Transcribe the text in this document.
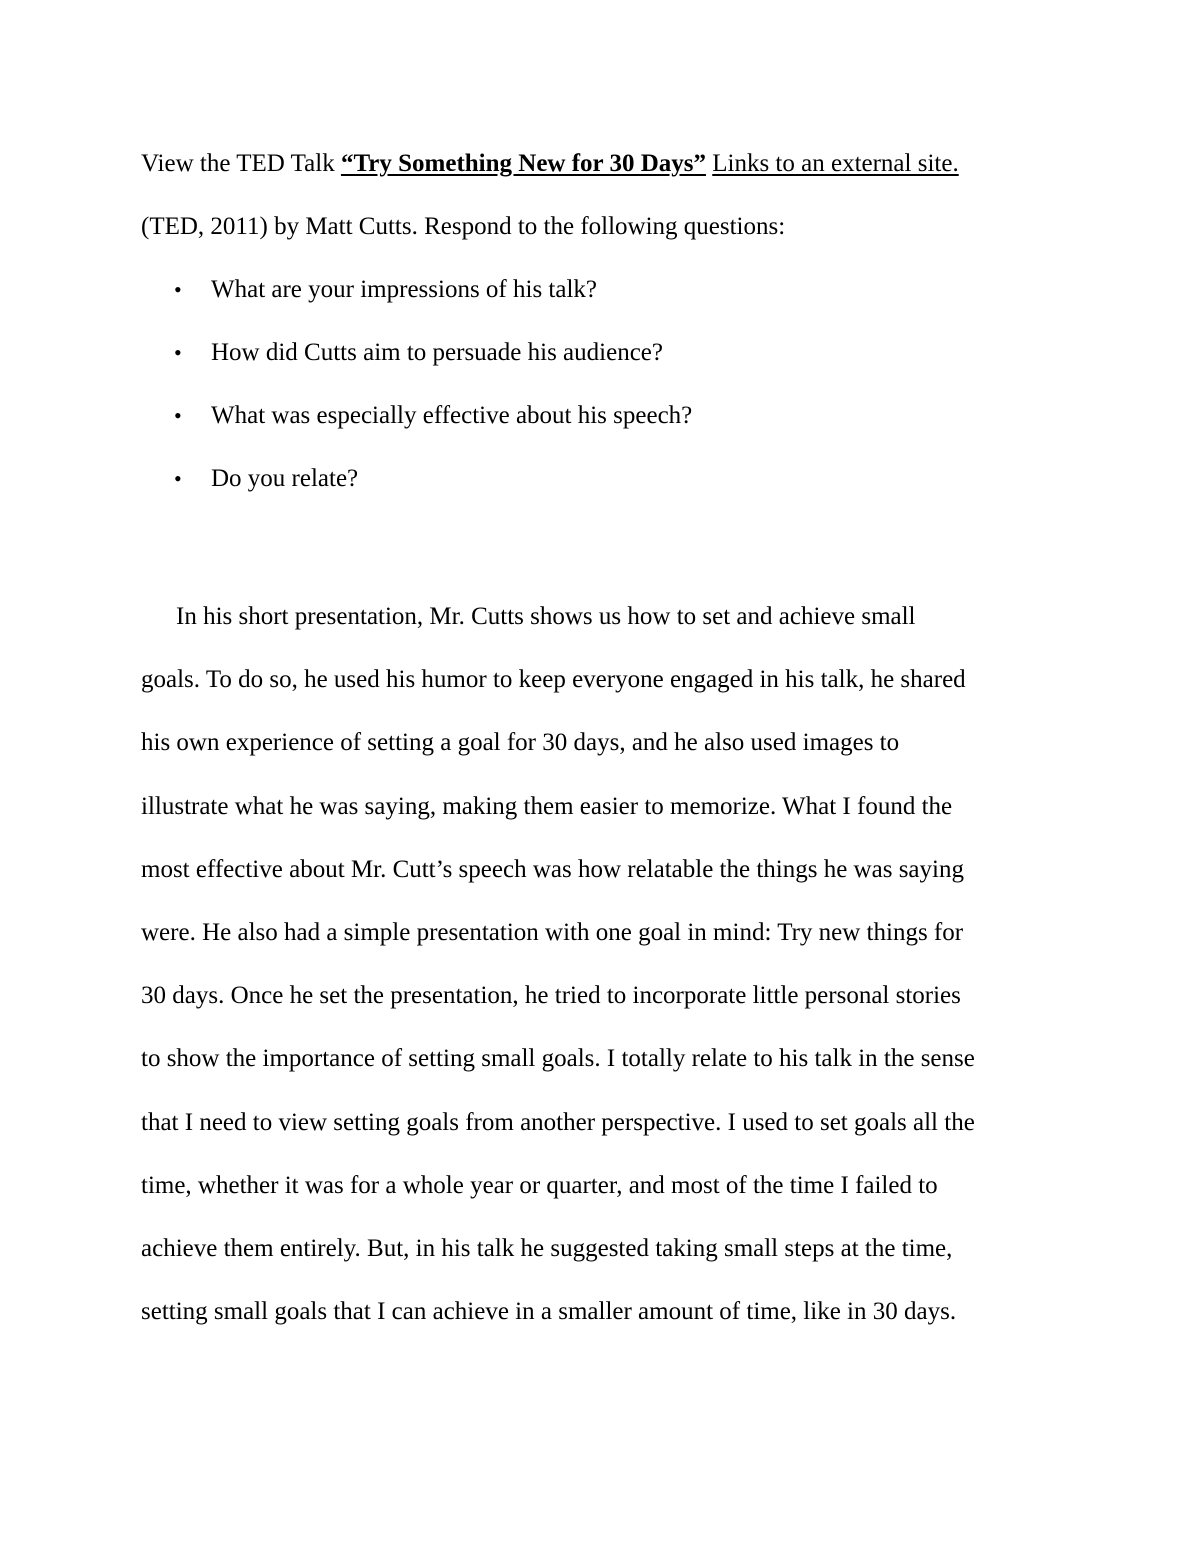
View the TED Talk “Try Something New for 30 Days” Links to an external site.

(TED, 2011) by Matt Cutts. Respond to the following questions:

• What are your impressions of his talk?
• How did Cutts aim to persuade his audience?
• What was especially effective about his speech?
• Do you relate?
In his short presentation, Mr. Cutts shows us how to set and achieve small
goals. To do so, he used his humor to keep everyone engaged in his talk, he shared
his own experience of setting a goal for 30 days, and he also used images to
illustrate what he was saying, making them easier to memorize. What I found the
most effective about Mr. Cutt’s speech was how relatable the things he was saying
were. He also had a simple presentation with one goal in mind: Try new things for
30 days. Once he set the presentation, he tried to incorporate little personal stories
to show the importance of setting small goals. I totally relate to his talk in the sense
that I need to view setting goals from another perspective. I used to set goals all the
time, whether it was for a whole year or quarter, and most of the time I failed to
achieve them entirely. But, in his talk he suggested taking small steps at the time,
setting small goals that I can achieve in a smaller amount of time, like in 30 days.
